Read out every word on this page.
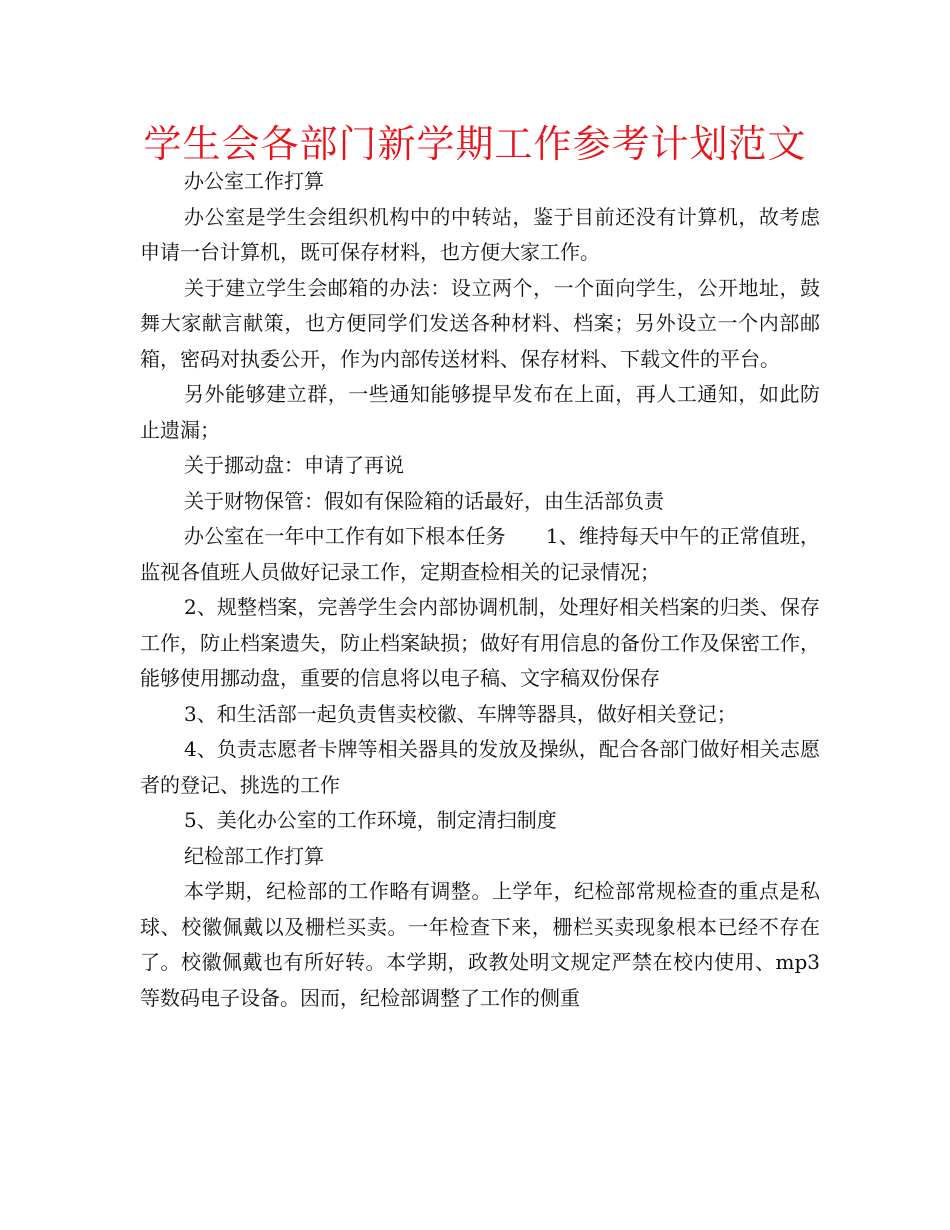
学生会各部门新学期工作参考计划范文

办公室工作打算

办公室是学生会组织机构中的中转站，鉴于目前还没有计算机，故考虑申请一台计算机，既可保存材料，也方便大家工作。

关于建立学生会邮箱的办法：设立两个，一个面向学生，公开地址，鼓舞大家献言献策，也方便同学们发送各种材料、档案；另外设立一个内部邮箱，密码对执委公开，作为内部传送材料、保存材料、下载文件的平台。

另外能够建立群，一些通知能够提早发布在上面，再人工通知，如此防止遗漏；

关于挪动盘：申请了再说

关于财物保管：假如有保险箱的话最好，由生活部负责

办公室在一年中工作有如下根本任务　　1、维持每天中午的正常值班，监视各值班人员做好记录工作，定期查检相关的记录情况；

2、规整档案，完善学生会内部协调机制，处理好相关档案的归类、保存工作，防止档案遗失，防止档案缺损；做好有用信息的备份工作及保密工作，能够使用挪动盘，重要的信息将以电子稿、文字稿双份保存

3、和生活部一起负责售卖校徽、车牌等器具，做好相关登记；

4、负责志愿者卡牌等相关器具的发放及操纵，配合各部门做好相关志愿者的登记、挑选的工作

5、美化办公室的工作环境，制定清扫制度

纪检部工作打算

本学期，纪检部的工作略有调整。上学年，纪检部常规检查的重点是私球、校徽佩戴以及栅栏买卖。一年检查下来，栅栏买卖现象根本已经不存在了。校徽佩戴也有所好转。本学期，政教处明文规定严禁在校内使用、mp3等数码电子设备。因而，纪检部调整了工作的侧重
